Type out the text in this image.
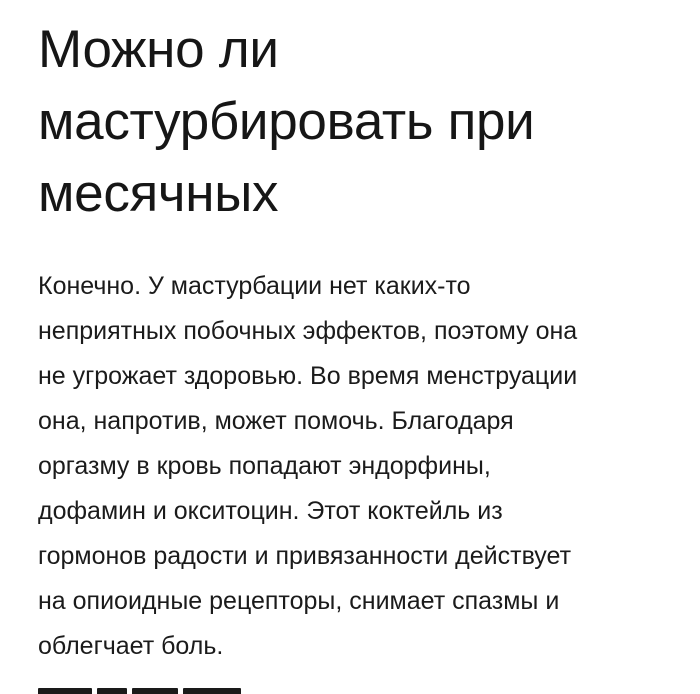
Можно ли
мастурбировать при
месячных

Конечно. У мастурбации нет каких-то
неприятных побочных эффектов, поэтому она
не угрожает здоровью. Во время менструации
она, напротив, может помочь. Благодаря
оргазму в кровь попадают эндорфины,
дофамин и окситоцин. Этот коктейль из
гормонов радости и привязанности действует
на опиоидные рецепторы, снимает спазмы и
облегчает боль.
